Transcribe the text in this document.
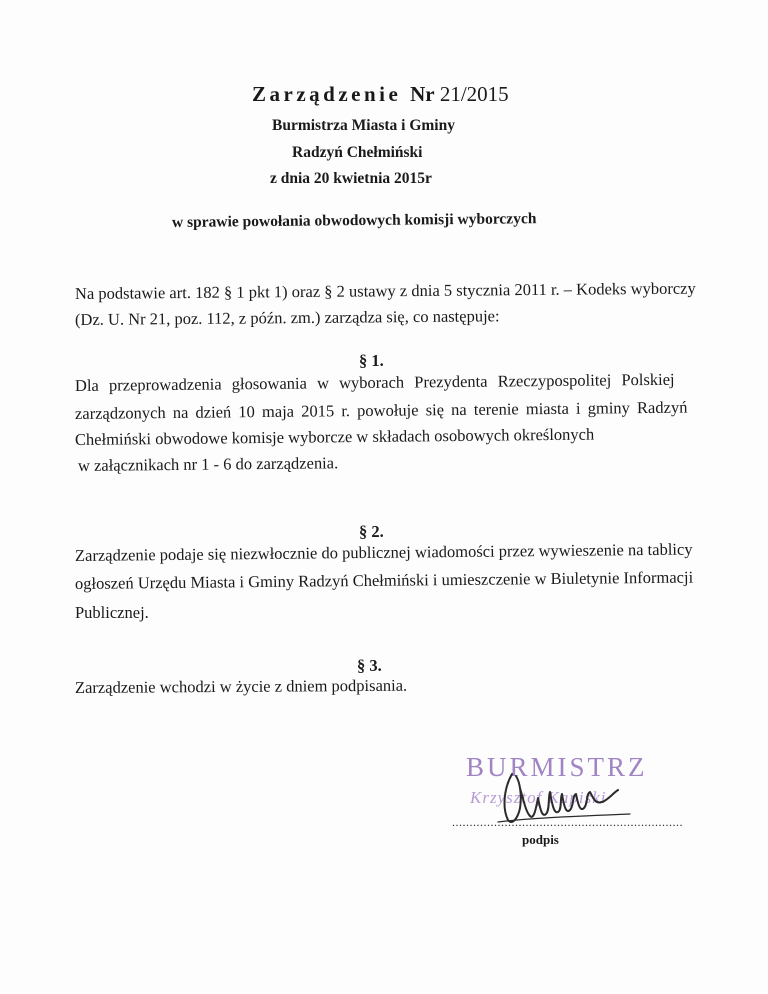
Zarządzenie Nr 21/2015
Burmistrza Miasta i Gminy
Radzyń Chełmiński
z dnia 20 kwietnia 2015r
w sprawie powołania obwodowych komisji wyborczych
Na podstawie art. 182 § 1 pkt 1) oraz § 2 ustawy z dnia 5 stycznia 2011 r. – Kodeks wyborczy
(Dz. U. Nr 21, poz. 112, z późn. zm.) zarządza się, co następuje:
§ 1.
Dla przeprowadzenia głosowania w wyborach Prezydenta Rzeczypospolitej Polskiej
zarządzonych na dzień 10 maja 2015 r. powołuje się na terenie miasta i gminy Radzyń
Chełmiński obwodowe komisje wyborcze w składach osobowych określonych
w załącznikach nr 1 - 6 do zarządzenia.
§ 2.
Zarządzenie podaje się niezwłocznie do publicznej wiadomości przez wywieszenie na tablicy
ogłoszeń Urzędu Miasta i Gminy Radzyń Chełmiński i umieszczenie w Biuletynie Informacji
Publicznej.
§ 3.
Zarządzenie wchodzi w życie z dniem podpisania.
BURMISTRZ
Krzysztof Kapiski
..................................................................
podpis
